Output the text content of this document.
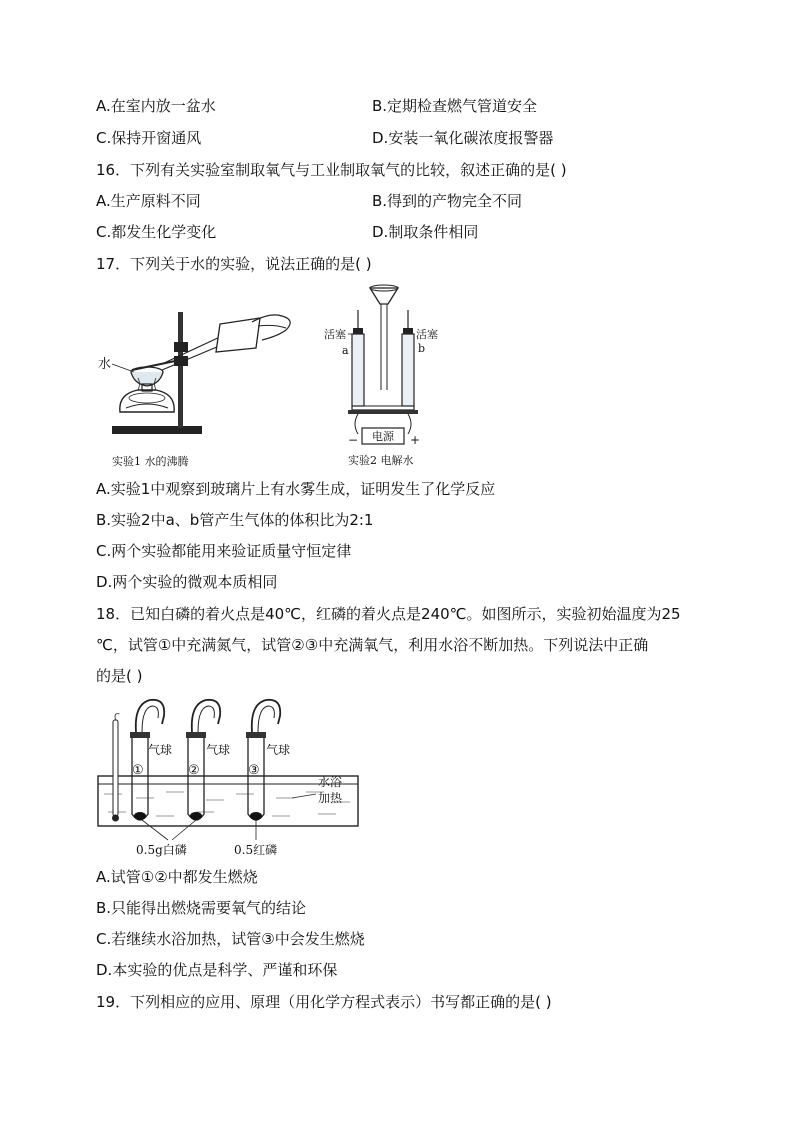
A.在室内放一盆水	B.定期检查燃气管道安全
C.保持开窗通风	D.安装一氧化碳浓度报警器
16．下列有关实验室制取氧气与工业制取氧气的比较，叙述正确的是( )
A.生产原料不同	B.得到的产物完全不同
C.都发生化学变化	D.制取条件相同
17．下列关于水的实验，说法正确的是( )
水
实验1 水的沸腾
电源
−	+
活塞	活塞
a	b
实验2 电解水
A.实验1中观察到玻璃片上有水雾生成，证明发生了化学反应
B.实验2中a、b管产生气体的体积比为2:1
C.两个实验都能用来验证质量守恒定律
D.两个实验的微观本质相同
18．已知白磷的着火点是40℃，红磷的着火点是240℃。如图所示，实验初始温度为25
℃，试管①中充满氮气，试管②③中充满氧气，利用水浴不断加热。下列说法中正确
的是( )
气球	气球	气球
①	②	③
水浴
加热
0.5g白磷	0.5红磷
A.试管①②中都发生燃烧
B.只能得出燃烧需要氧气的结论
C.若继续水浴加热，试管③中会发生燃烧
D.本实验的优点是科学、严谨和环保
19．下列相应的应用、原理（用化学方程式表示）书写都正确的是( )
